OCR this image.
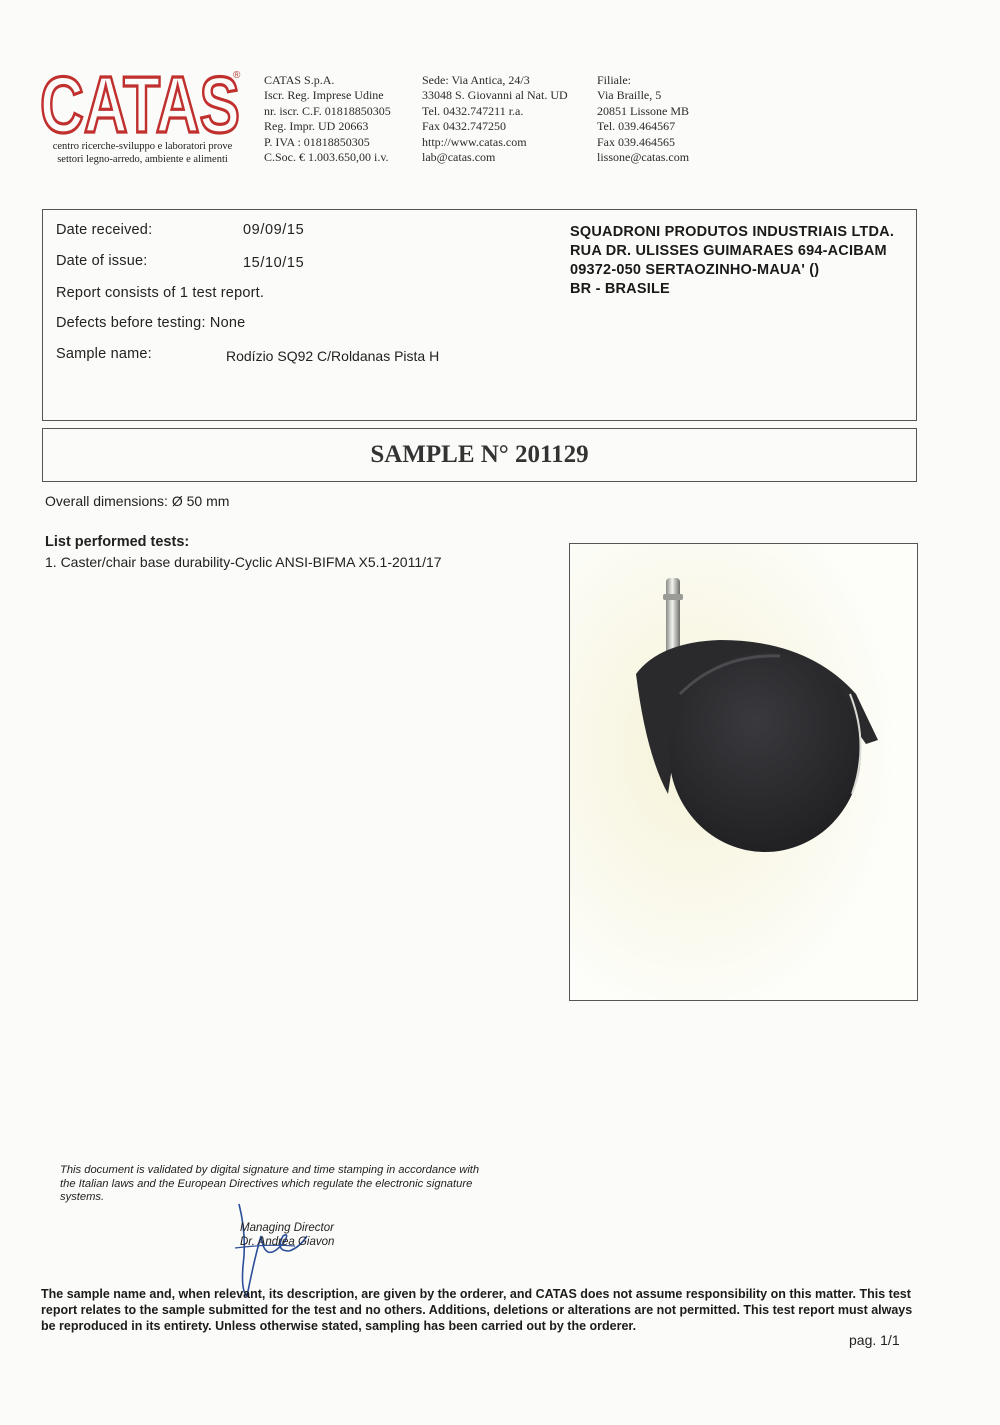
CATAS
®
centro ricerche-sviluppo e laboratori prove
settori legno-arredo, ambiente e alimenti
CATAS S.p.A.
Iscr. Reg. Imprese Udine
nr. iscr. C.F. 01818850305
Reg. Impr. UD 20663
P. IVA : 01818850305
C.Soc. € 1.003.650,00 i.v.
Sede: Via Antica, 24/3
33048 S. Giovanni al Nat. UD
Tel. 0432.747211 r.a.
Fax 0432.747250
http://www.catas.com
lab@catas.com
Filiale:
Via Braille, 5
20851 Lissone MB
Tel. 039.464567
Fax 039.464565
lissone@catas.com
Date received:	09/09/15
Date of issue:	15/10/15
Report consists of 1 test report.
Defects before testing: None
Sample name:	Rodízio SQ92 C/Roldanas Pista H
SQUADRONI PRODUTOS INDUSTRIAIS LTDA.
RUA DR. ULISSES GUIMARAES 694-ACIBAM
09372-050 SERTAOZINHO-MAUA' ()
BR - BRASILE
SAMPLE N° 201129
Overall dimensions: Ø 50 mm
List performed tests:
1. Caster/chair base durability-Cyclic ANSI-BIFMA X5.1-2011/17
This document is validated by digital signature and time stamping in accordance with the Italian laws and the European Directives which regulate the electronic signature systems.
Managing Director
Dr. Andrea Giavon
The sample name and, when relevant, its description, are given by the orderer, and CATAS does not assume responsibility on this matter. This test report relates to the sample submitted for the test and no others. Additions, deletions or alterations are not permitted. This test report must always be reproduced in its entirety. Unless otherwise stated, sampling has been carried out by the orderer.
pag. 1/1
